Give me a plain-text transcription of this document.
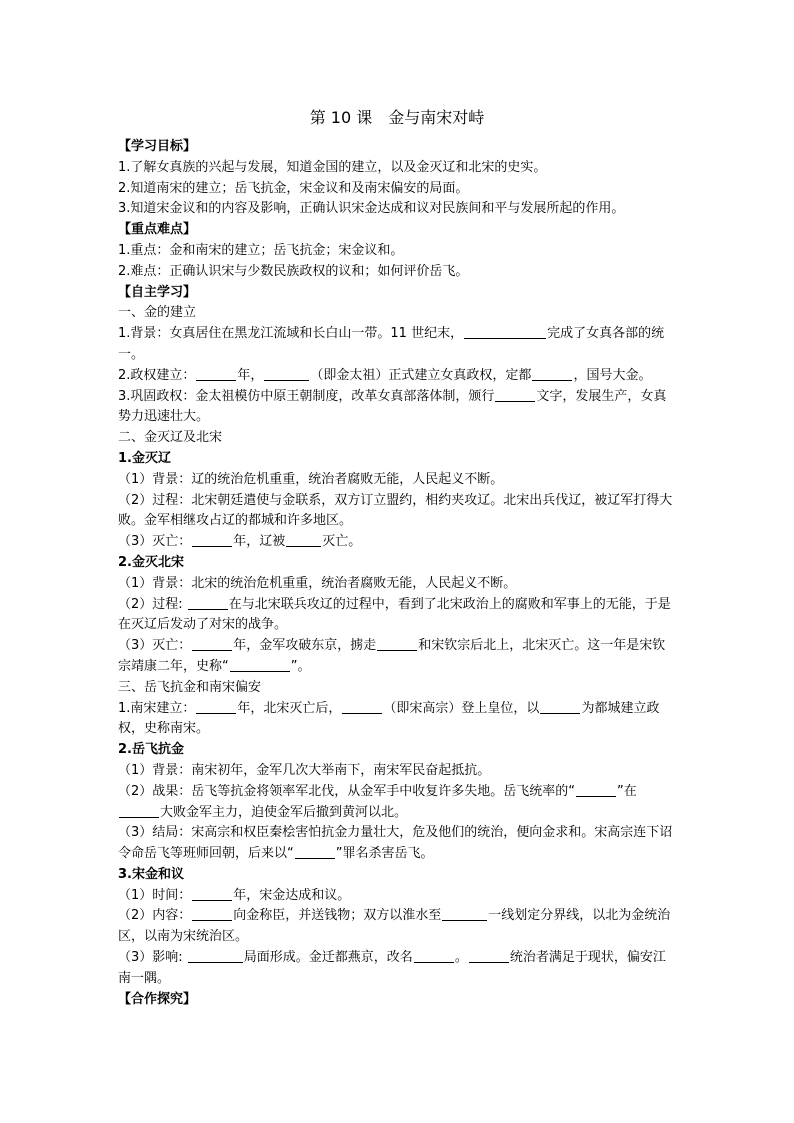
第 10 课　金与南宋对峙

【学习目标】

1.了解女真族的兴起与发展，知道金国的建立，以及金灭辽和北宋的史实。

2.知道南宋的建立；岳飞抗金，宋金议和及南宋偏安的局面。

3.知道宋金议和的内容及影响，正确认识宋金达成和议对民族间和平与发展所起的作用。

【重点难点】

1.重点：金和南宋的建立；岳飞抗金；宋金议和。

2.难点：正确认识宋与少数民族政权的议和；如何评价岳飞。

【自主学习】

一、金的建立

1.背景：女真居住在黑龙江流域和长白山一带。11 世纪末，	完成了女真各部的统一。

2.政权建立：	年，	（即金太祖）正式建立女真政权，定都	，国号大金。

3.巩固政权：金太祖模仿中原王朝制度，改革女真部落体制，颁行	文字，发展生产，女真势力迅速壮大。

二、金灭辽及北宋

1.金灭辽

（1）背景：辽的统治危机重重，统治者腐败无能，人民起义不断。

（2）过程：北宋朝廷遣使与金联系，双方订立盟约，相约夹攻辽。北宋出兵伐辽，被辽军打得大败。金军相继攻占辽的都城和许多地区。

（3）灭亡：	年，辽被	灭亡。

2.金灭北宋

（1）背景：北宋的统治危机重重，统治者腐败无能，人民起义不断。

（2）过程:	在与北宋联兵攻辽的过程中，看到了北宋政治上的腐败和军事上的无能，于是在灭辽后发动了对宋的战争。

（3）灭亡：	年，金军攻破东京，掳走	和宋钦宗后北上，北宋灭亡。这一年是宋钦宗靖康二年，史称“	”。

三、岳飞抗金和南宋偏安

1.南宋建立：	年，北宋灭亡后，	（即宋高宗）登上皇位，以	为都城建立政权，史称南宋。

2.岳飞抗金

（1）背景：南宋初年，金军几次大举南下，南宋军民奋起抵抗。

（2）战果：岳飞等抗金将领率军北伐，从金军手中收复许多失地。岳飞统率的“	”在大败金军主力，迫使金军后撤到黄河以北。

（3）结局：宋高宗和权臣秦桧害怕抗金力量壮大，危及他们的统治，便向金求和。宋高宗连下诏令命岳飞等班师回朝，后来以“	”罪名杀害岳飞。

3.宋金和议

（1）时间：	年，宋金达成和议。

（2）内容：	向金称臣，并送钱物；双方以淮水至	一线划定分界线，以北为金统治区，以南为宋统治区。

（3）影响:	局面形成。金迁都燕京，改名	。	统治者满足于现状，偏安江南一隅。

【合作探究】
